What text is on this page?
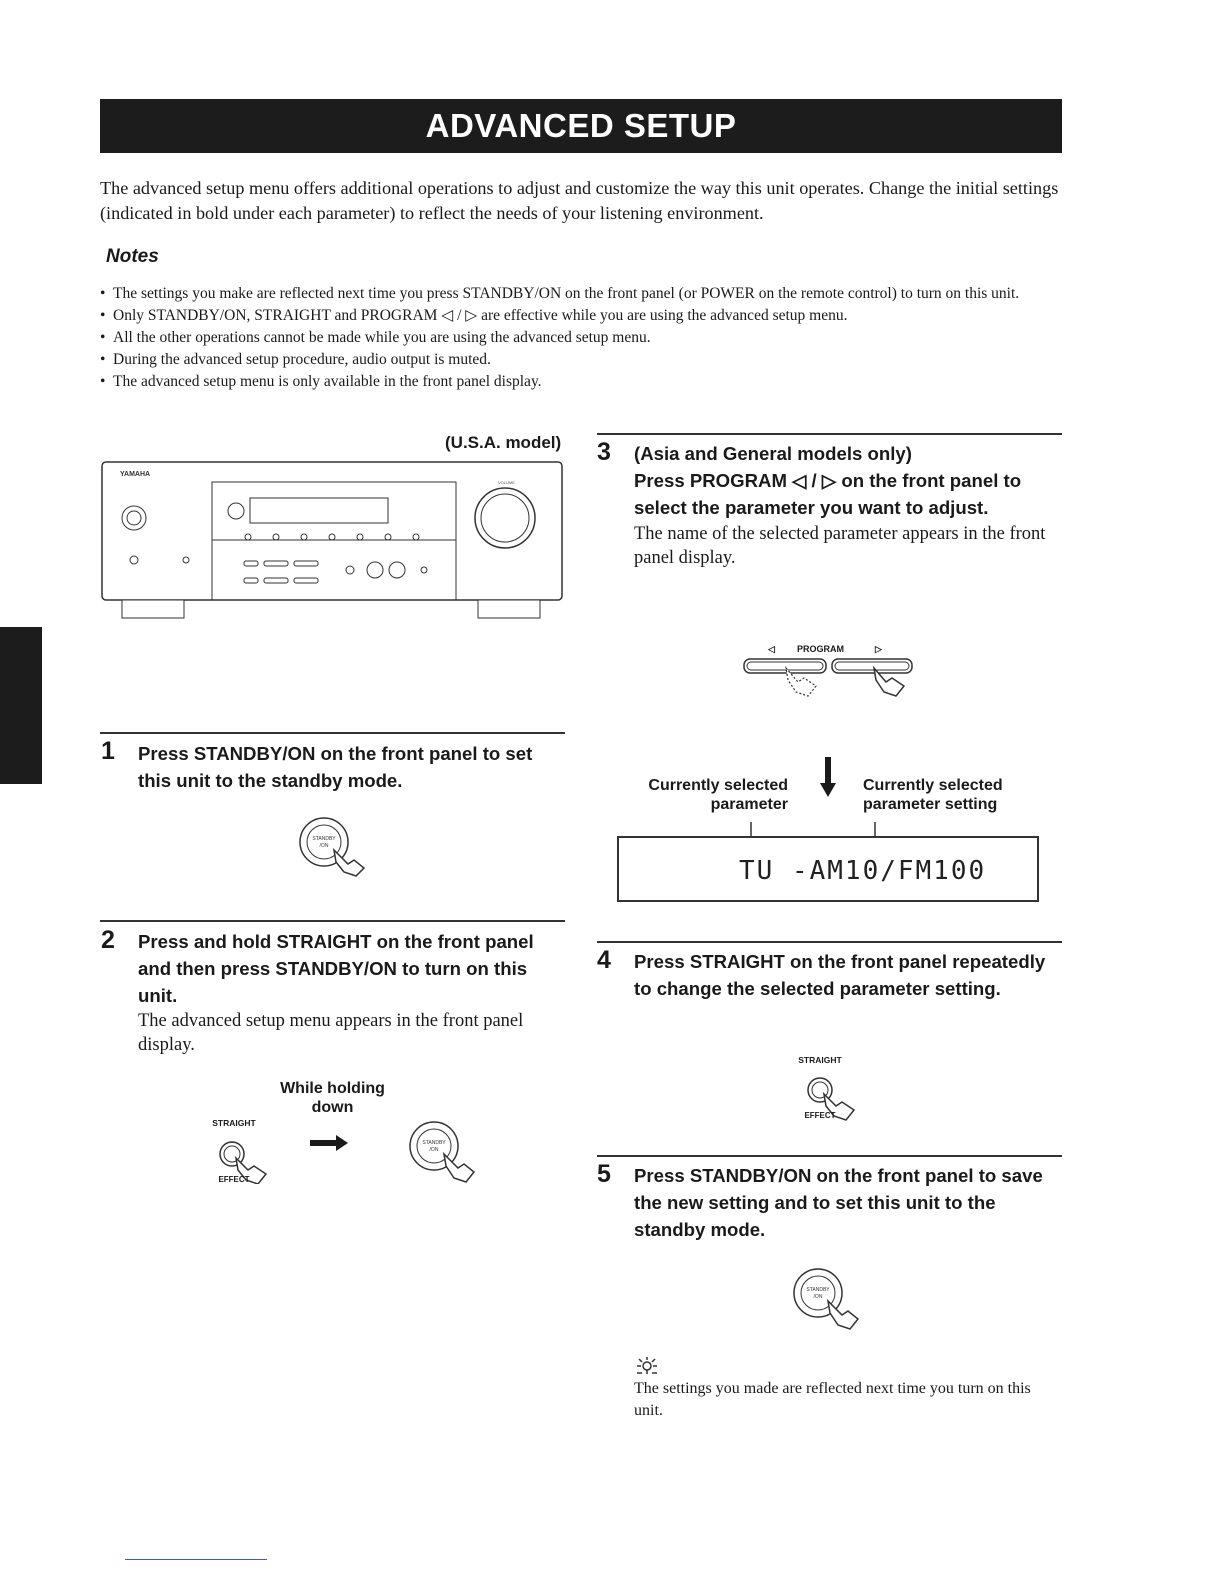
ADVANCED SETUP
The advanced setup menu offers additional operations to adjust and customize the way this unit operates. Change the initial settings (indicated in bold under each parameter) to reflect the needs of your listening environment.
Notes
• The settings you make are reflected next time you press STANDBY/ON on the front panel (or POWER on the remote control) to turn on this unit.
• Only STANDBY/ON, STRAIGHT and PROGRAM ◁ / ▷ are effective while you are using the advanced setup menu.
• All the other operations cannot be made while you are using the advanced setup menu.
• During the advanced setup procedure, audio output is muted.
• The advanced setup menu is only available in the front panel display.
(U.S.A. model)
YAMAHA
VOLUME
1 Press STANDBY/ON on the front panel to set this unit to the standby mode.
STANDBY
/ON
2 Press and hold STRAIGHT on the front panel and then press STANDBY/ON to turn on this unit.
The advanced setup menu appears in the front panel display.
While holding down
STRAIGHT
EFFECT
STANDBY
/ON
3 (Asia and General models only)
Press PROGRAM ◁ / ▷ on the front panel to select the parameter you want to adjust.
The name of the selected parameter appears in the front panel display.
◁ PROGRAM	▷
Currently selected parameter
Currently selected parameter setting
TU -AM10/FM100
4 Press STRAIGHT on the front panel repeatedly to change the selected parameter setting.
STRAIGHT
EFFECT
5 Press STANDBY/ON on the front panel to save the new setting and to set this unit to the standby mode.
STANDBY
/ON
The settings you made are reflected next time you turn on this unit.
